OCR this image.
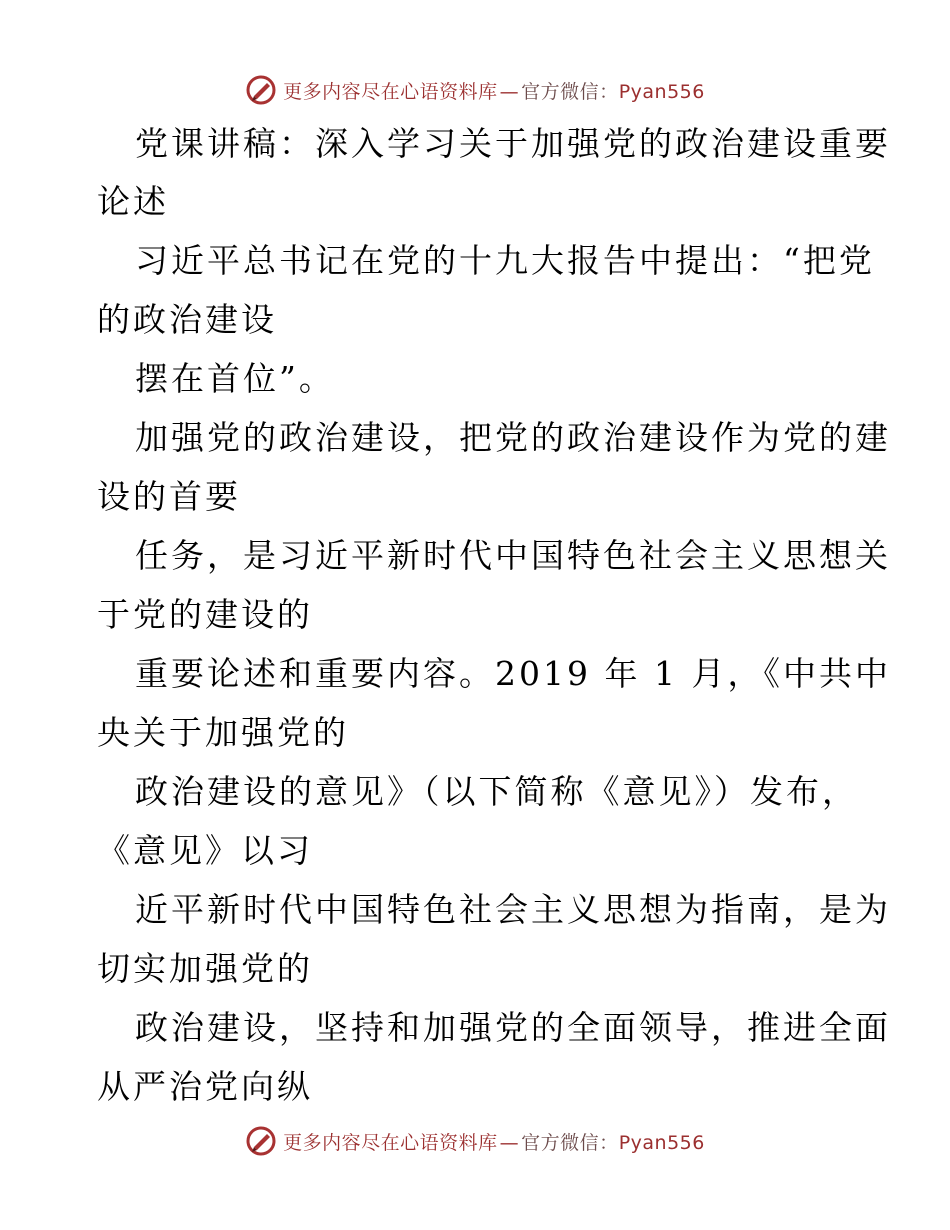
更多内容尽在心语资料库 — 官方微信：Pyan556
党课讲稿：深入学习关于加强党的政治建设重要
论述
习近平总书记在党的十九大报告中提出：“把党
的政治建设
摆在首位”。
加强党的政治建设，把党的政治建设作为党的建
设的首要
任务，是习近平新时代中国特色社会主义思想关
于党的建设的
重要论述和重要内容。2019 年 1 月，《中共中
央关于加强党的
政治建设的意见》（以下简称《意见》）发布，
《意见》以习
近平新时代中国特色社会主义思想为指南，是为
切实加强党的
政治建设，坚持和加强党的全面领导，推进全面
从严治党向纵
更多内容尽在心语资料库 — 官方微信：Pyan556
